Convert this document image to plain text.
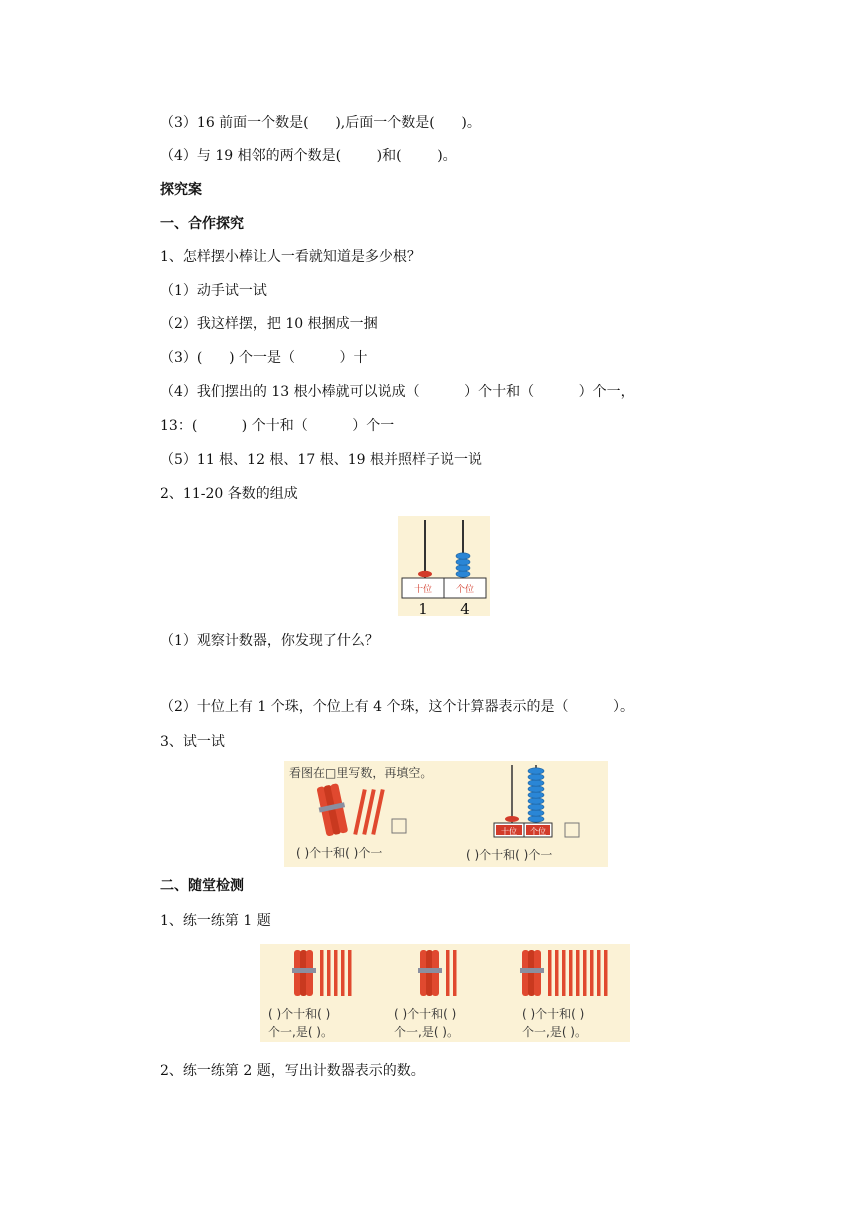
（3）16 前面一个数是(      ),后面一个数是(      )。
（4）与 19 相邻的两个数是(        )和(        )。
探究案
一、合作探究
1、怎样摆小棒让人一看就知道是多少根？
（1）动手试一试
（2）我这样摆，把 10 根捆成一捆
（3）(      ) 个一是（          ）十
（4）我们摆出的 13 根小棒就可以说成（          ）个十和（          ）个一，
13：(          ) 个十和（          ）个一
（5）11 根、12 根、17 根、19 根并照样子说一说
2、11-20 各数的组成
十位	个位
1 4
（1）观察计数器，你发现了什么？
（2）十位上有 1 个珠，个位上有 4 个珠，这个计算器表示的是（          ）。
3、试一试
看图在□里写数，再填空。
十位 个位
( )个十和( )个一	( )个十和( )个一
二、随堂检测
1、练一练第 1 题
( )个十和( )
个一,是( )。
( )个十和( )
个一,是( )。
( )个十和( )
个一,是( )。
2、练一练第 2 题，写出计数器表示的数。
